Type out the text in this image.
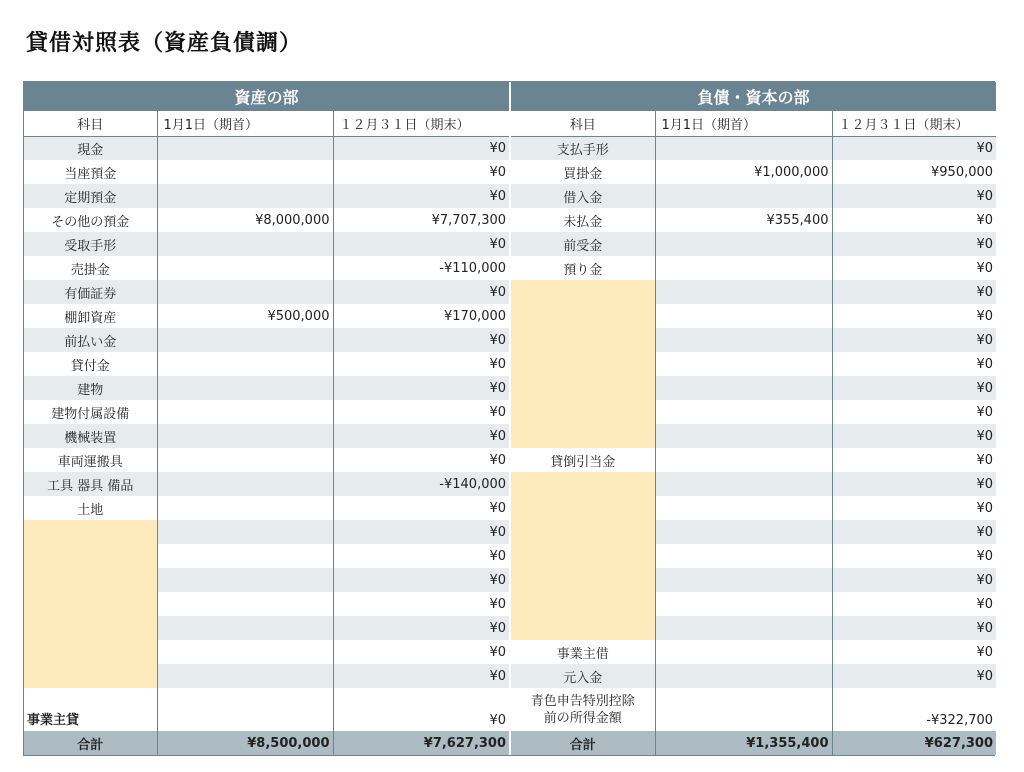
貸借対照表（資産負債調）
資産の部		
科目	1月1日（期首）	１２月３１日（期末）
現金		¥0
当座預金		¥0
定期預金		¥0
その他の預金	¥8,000,000	¥7,707,300
受取手形		¥0
売掛金		-¥110,000
有価証券		¥0
棚卸資産	¥500,000	¥170,000
前払い金		¥0
貸付金		¥0
建物		¥0
建物付属設備		¥0
機械装置		¥0
車両運搬具		¥0
工具 器具 備品		-¥140,000
土地		¥0
		¥0
		¥0
		¥0
		¥0
		¥0
		¥0
		¥0
事業主貸		¥0
合計	¥8,500,000	¥7,627,300
負債・資本の部		
科目	1月1日（期首）	１２月３１日（期末）
支払手形		¥0
買掛金	¥1,000,000	¥950,000
借入金		¥0
未払金	¥355,400	¥0
前受金		¥0
預り金		¥0
		¥0
		¥0
		¥0
		¥0
		¥0
		¥0
		¥0
貸倒引当金		¥0
		¥0
		¥0
		¥0
		¥0
		¥0
		¥0
		¥0
事業主借		¥0
元入金		¥0

青色申告特別控除
前の所得金額		-¥322,700
合計	¥1,355,400	¥627,300
